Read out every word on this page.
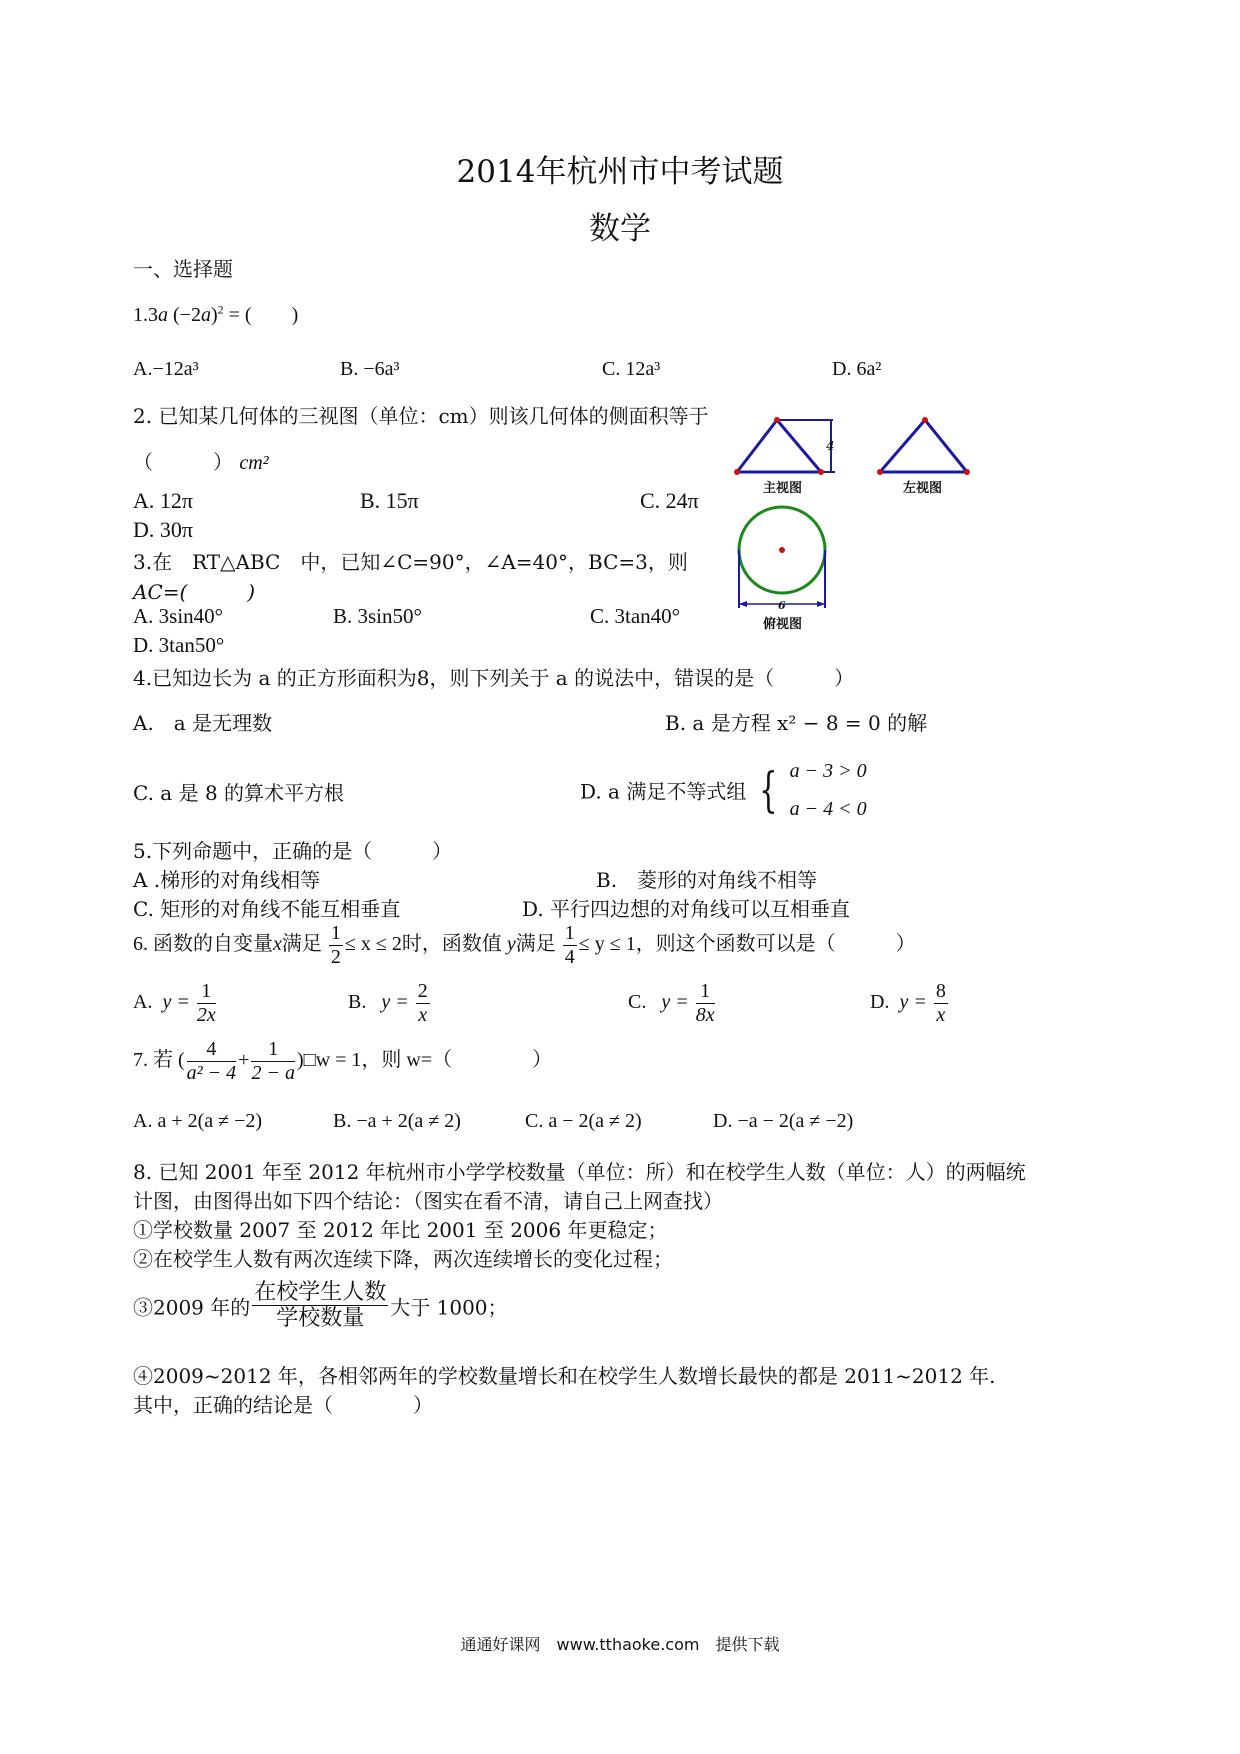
2014年杭州市中考试题
数学
一、选择题
1.3a $(-2a)^2$ = (　　)
A.−12a³	B. −6a³	C. 12a³	D. 6a²
2. 已知某几何体的三视图（单位：cm）则该几何体的侧面积等于
（　　　） cm²
A. 12π	B. 15π	C. 24π
D. 30π
4
主视图	左视图
6
俯视图
3.在　RT△ABC　中，已知∠C=90°，∠A=40°，BC=3，则
AC=(　　　)
A. 3sin40°	B. 3sin50°	C. 3tan40°
D. 3tan50°
4.已知边长为 a 的正方形面积为8，则下列关于 a 的说法中，错误的是（　　　）
A.　a 是无理数	B. a 是方程 x² − 8 = 0 的解
C. a 是 8 的算术平方根	D. a 满足不等式组 { a − 3 > 0
a − 4 < 0
5.下列命题中，正确的是（　　　）
A .梯形的对角线相等	B.　菱形的对角线不相等
C. 矩形的对角线不能互相垂直	D. 平行四边想的对角线可以互相垂直
6. 函数的自变量x满足 $\frac{1}{2} \le x \le 2$时，函数值 y满足 $\frac{1}{4} \le y \le 1$，则这个函数可以是（　　　）
A. $y = \frac{1}{2x}$	B. $y = \frac{2}{x}$	C. $y = \frac{1}{8x}$	D. $y = \frac{8}{x}$
7. 若 ( $\frac{4}{\text{a² − 4}} + \frac{1}{2 - a}$ )□w = 1，则 w=（　　　　）
A. a + 2(a ≠ −2)	B. −a + 2(a ≠ 2)	C. a − 2(a ≠ 2)	D. −a − 2(a ≠ −2)
8. 已知 2001 年至 2012 年杭州市小学学校数量（单位：所）和在校学生人数（单位：人）的两幅统
计图，由图得出如下四个结论：（图实在看不清，请自己上网查找）
①学校数量 2007 至 2012 年比 2001 至 2006 年更稳定；
②在校学生人数有两次连续下降，两次连续增长的变化过程；
③2009 年的 $\frac{\text{在校学生人数}}{\text{学校数量}}$ 大于 1000；
④2009~2012 年，各相邻两年的学校数量增长和在校学生人数增长最快的都是 2011~2012 年.
其中，正确的结论是（　　　　）
通通好课网　www.tthaoke.com　提供下载
